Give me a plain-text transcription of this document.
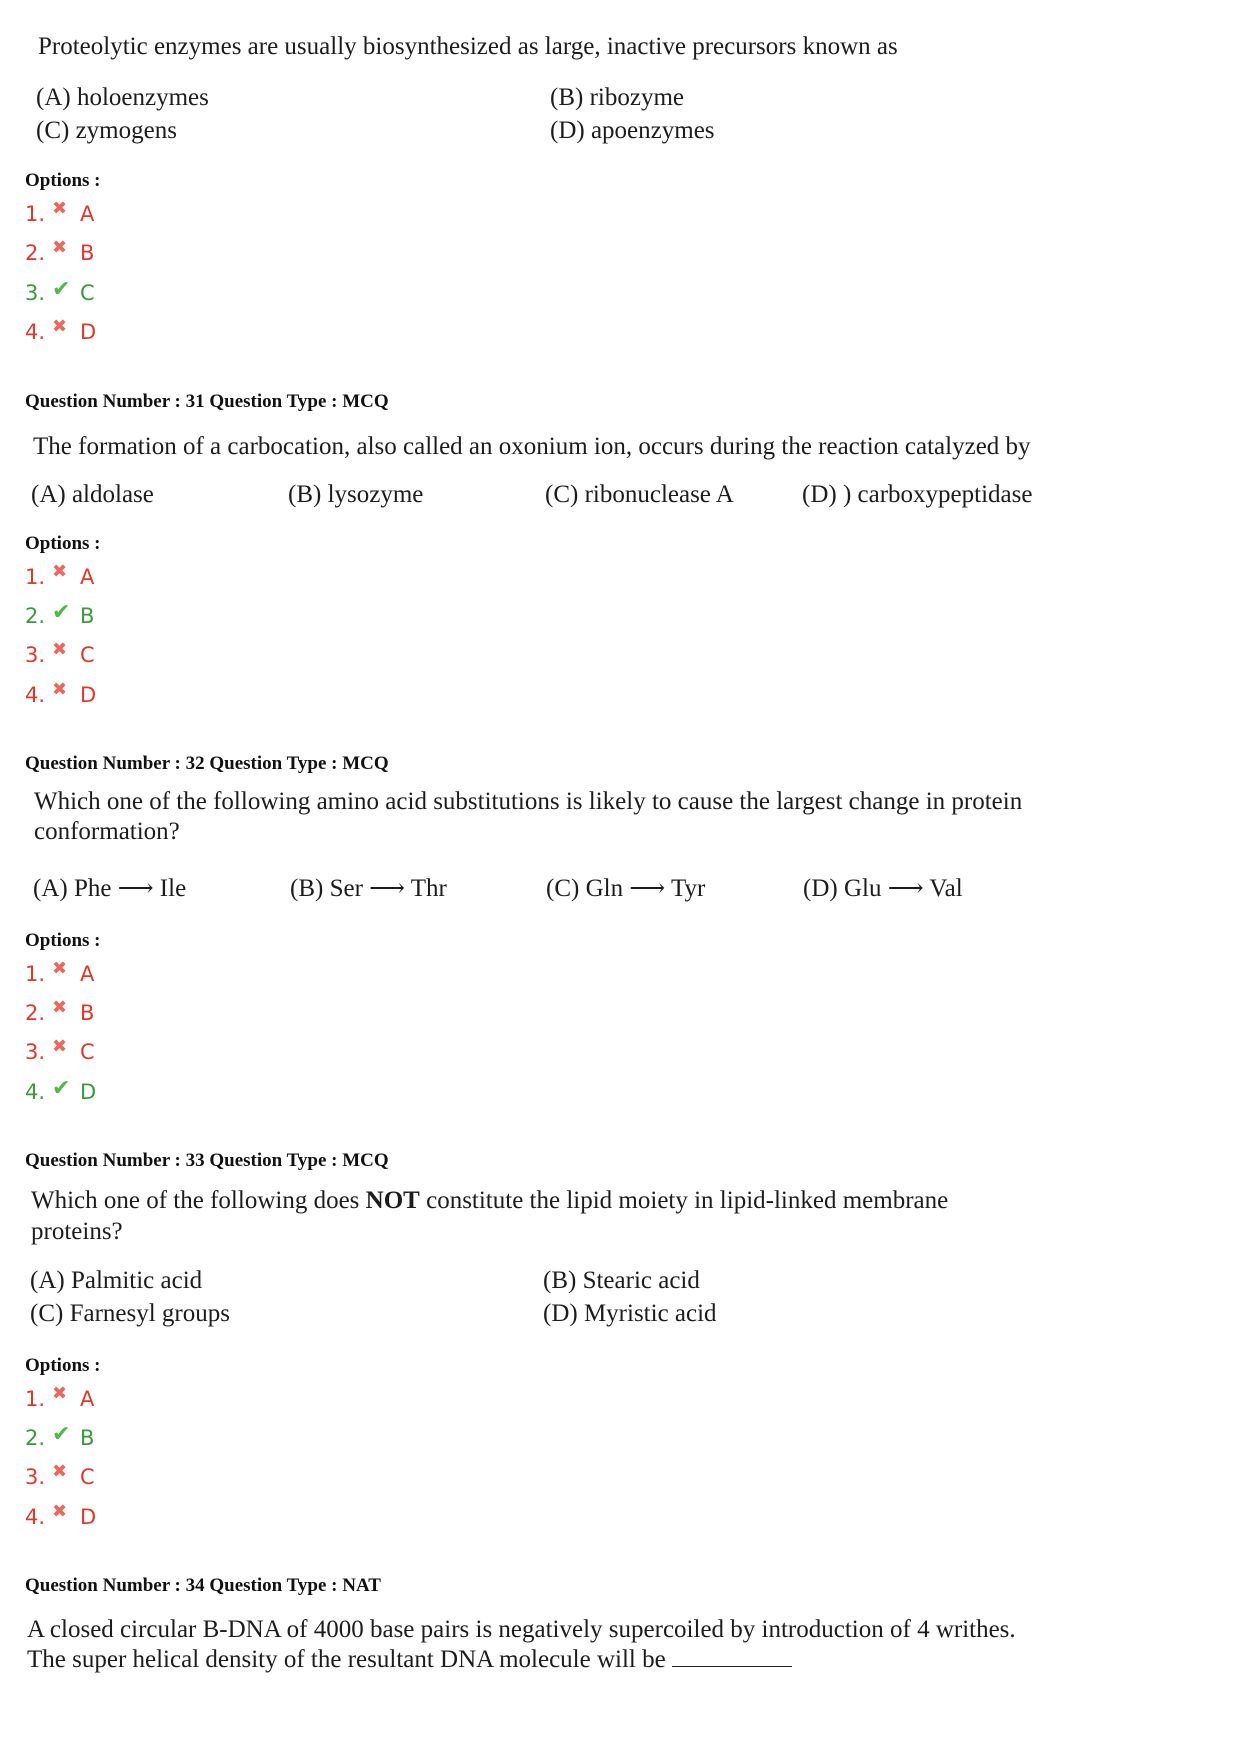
Proteolytic enzymes are usually biosynthesized as large, inactive precursors known as
(A) holoenzymes	(B) ribozyme
(C) zymogens	(D) apoenzymes
Options :
1. ✖ A
2. ✖ B
3. ✔ C
4. ✖ D
Question Number : 31 Question Type : MCQ
The formation of a carbocation, also called an oxonium ion, occurs during the reaction catalyzed by
(A) aldolase	(B) lysozyme	(C) ribonuclease A	(D) ) carboxypeptidase
Options :
1. ✖ A
2. ✔ B
3. ✖ C
4. ✖ D
Question Number : 32 Question Type : MCQ
Which one of the following amino acid substitutions is likely to cause the largest change in protein
conformation?
(A) Phe ⟶ Ile	(B) Ser ⟶ Thr	(C) Gln ⟶ Tyr	(D) Glu ⟶ Val
Options :
1. ✖ A
2. ✖ B
3. ✖ C
4. ✔ D
Question Number : 33 Question Type : MCQ
Which one of the following does NOT constitute the lipid moiety in lipid-linked membrane
proteins?
(A) Palmitic acid	(B) Stearic acid
(C) Farnesyl groups	(D) Myristic acid
Options :
1. ✖ A
2. ✔ B
3. ✖ C
4. ✖ D
Question Number : 34 Question Type : NAT
A closed circular B-DNA of 4000 base pairs is negatively supercoiled by introduction of 4 writhes.
The super helical density of the resultant DNA molecule will be
